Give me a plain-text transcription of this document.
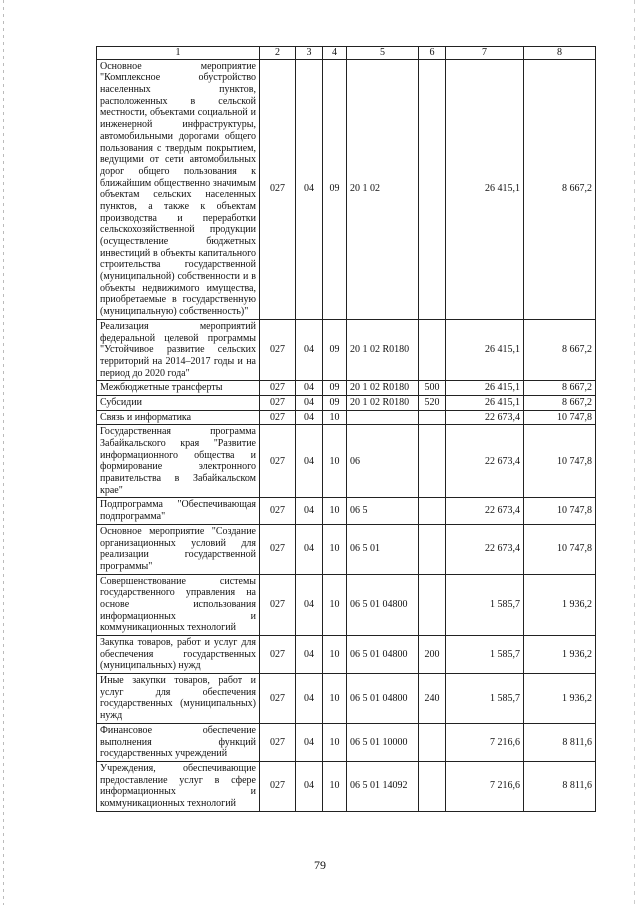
1	2	3	4	5	6	7	8
Основное мероприятие "Комплексное обустройство населенных пунктов, расположенных в сельской местности, объектами социальной и инженерной инфраструктуры, автомобильными дорогами общего пользования с твердым покрытием, ведущими от сети автомобильных дорог общего пользования к ближайшим общественно значимым объектам сельских населенных пунктов, а также к объектам производства и переработки сельскохозяйственной продукции (осуществление бюджетных инвестиций в объекты капитального строительства государственной (муниципальной) собственности и в объекты недвижимого имущества, приобретаемые в государственную (муниципальную) собственность)"	027	04	09	20 1 02		26 415,1	8 667,2
Реализация мероприятий федеральной целевой программы "Устойчивое развитие сельских территорий на 2014–2017 годы и на период до 2020 года"	027	04	09	20 1 02 R0180		26 415,1	8 667,2
Межбюджетные трансферты	027	04	09	20 1 02 R0180	500	26 415,1	8 667,2
Субсидии	027	04	09	20 1 02 R0180	520	26 415,1	8 667,2
Связь и информатика	027	04	10			22 673,4	10 747,8
Государственная программа Забайкальского края "Развитие информационного общества и формирование электронного правительства в Забайкальском крае"	027	04	10	06		22 673,4	10 747,8
Подпрограмма "Обеспечивающая подпрограмма"	027	04	10	06 5		22 673,4	10 747,8
Основное мероприятие "Создание организационных условий для реализации государственной программы"	027	04	10	06 5 01		22 673,4	10 747,8
Совершенствование системы государственного управления на основе использования информационных и коммуникационных технологий	027	04	10	06 5 01 04800		1 585,7	1 936,2
Закупка товаров, работ и услуг для обеспечения государственных (муниципальных) нужд	027	04	10	06 5 01 04800	200	1 585,7	1 936,2
Иные закупки товаров, работ и услуг для обеспечения государственных (муниципальных) нужд	027	04	10	06 5 01 04800	240	1 585,7	1 936,2
Финансовое обеспечение выполнения функций государственных учреждений	027	04	10	06 5 01 10000		7 216,6	8 811,6
Учреждения, обеспечивающие предоставление услуг в сфере информационных и коммуникационных технологий	027	04	10	06 5 01 14092		7 216,6	8 811,6
79
